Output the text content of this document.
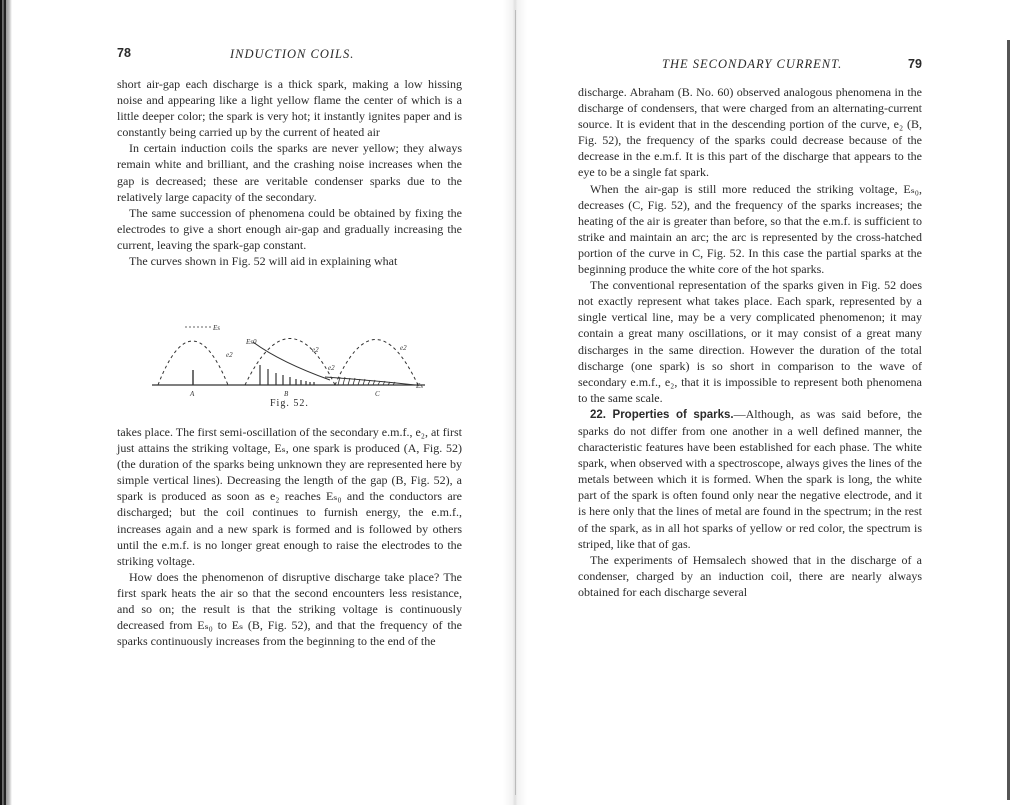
78	INDUCTION COILS.

short air-gap each discharge is a thick spark, making a low hissing noise and appearing like a light yellow flame the center of which is a little deeper color; the spark is very hot; it instantly ignites paper and is constantly being carried up by the current of heated air

In certain induction coils the sparks are never yellow; they always remain white and brilliant, and the crashing noise increases when the gap is decreased; these are veritable condenser sparks due to the relatively large capacity of the secondary.

The same succession of phenomena could be obtained by fixing the electrodes to give a short enough air-gap and gradually increasing the current, leaving the spark-gap constant.

The curves shown in Fig. 52 will aid in explaining what

Es
e2
Es0
e2
e2
e2
Es
A	B	C
Fig. 52.

takes place. The first semi-oscillation of the secondary e.m.f., e₂, at first just attains the striking voltage, Eₛ, one spark is produced (A, Fig. 52) (the duration of the sparks being unknown they are represented here by simple vertical lines). Decreasing the length of the gap (B, Fig. 52), a spark is produced as soon as e₂ reaches Eₛ₀ and the conductors are discharged; but the coil continues to furnish energy, the e.m.f., increases again and a new spark is formed and is followed by others until the e.m.f. is no longer great enough to raise the electrodes to the striking voltage.

How does the phenomenon of disruptive discharge take place? The first spark heats the air so that the second encounters less resistance, and so on; the result is that the striking voltage is continuously decreased from Eₛ₀ to Eₛ (B, Fig. 52), and that the frequency of the sparks continuously increases from the beginning to the end of the

THE SECONDARY CURRENT.	79

discharge. Abraham (B. No. 60) observed analogous phenomena in the discharge of condensers, that were charged from an alternating-current source. It is evident that in the descending portion of the curve, e₂ (B, Fig. 52), the frequency of the sparks could decrease because of the decrease in the e.m.f. It is this part of the discharge that appears to the eye to be a single fat spark.

When the air-gap is still more reduced the striking voltage, Eₛ₀, decreases (C, Fig. 52), and the frequency of the sparks increases; the heating of the air is greater than before, so that the e.m.f. is sufficient to strike and maintain an arc; the arc is represented by the cross-hatched portion of the curve in C, Fig. 52. In this case the partial sparks at the beginning produce the white core of the hot sparks.

The conventional representation of the sparks given in Fig. 52 does not exactly represent what takes place. Each spark, represented by a single vertical line, may be a very complicated phenomenon; it may contain a great many oscillations, or it may consist of a great many discharges in the same direction. However the duration of the total discharge (one spark) is so short in comparison to the wave of secondary e.m.f., e₂, that it is impossible to represent both phenomena to the same scale.

22. Properties of sparks.—Although, as was said before, the sparks do not differ from one another in a well defined manner, the characteristic features have been established for each phase. The white spark, when observed with a spectroscope, always gives the lines of the metals between which it is formed. When the spark is long, the white part of the spark is often found only near the negative electrode, and it is here only that the lines of metal are found in the spectrum; in the rest of the spark, as in all hot sparks of yellow or red color, the spectrum is striped, like that of gas.

The experiments of Hemsalech showed that in the discharge of a condenser, charged by an induction coil, there are nearly always obtained for each discharge several
